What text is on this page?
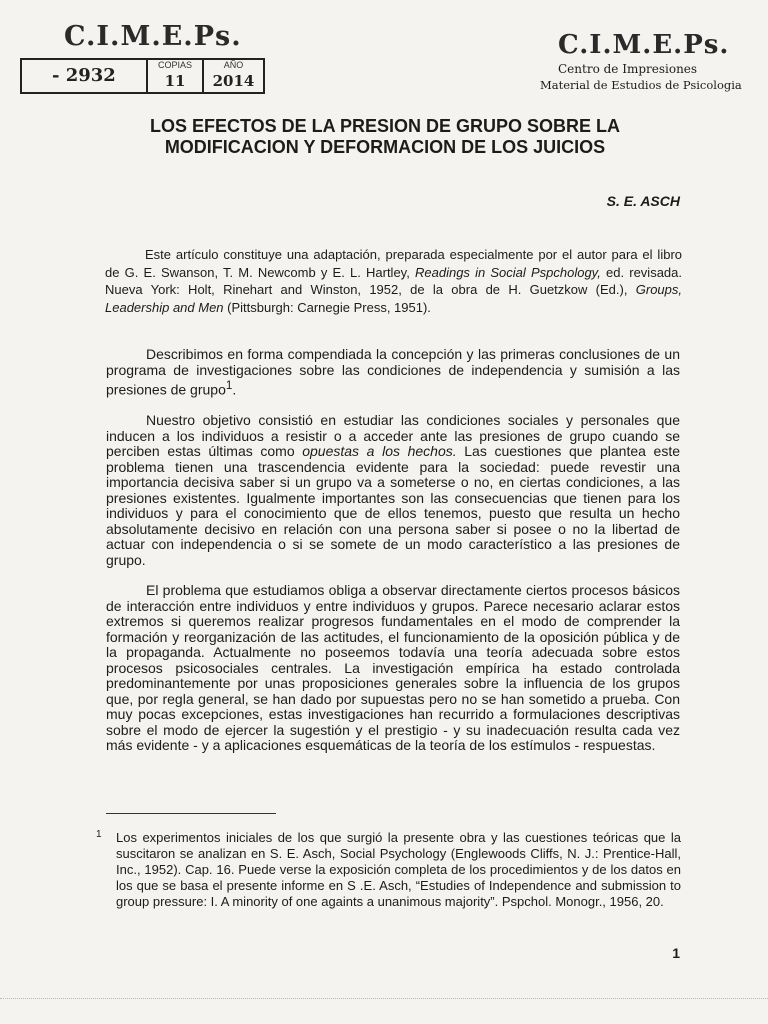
C.I.M.E.Ps.
- 2932	COPIAS
11
AÑO
2014
C.I.M.E.Ps.
Centro de Impresiones
Material de Estudios de Psicologia
LOS EFECTOS DE LA PRESION DE GRUPO SOBRE LA
MODIFICACION Y DEFORMACION DE LOS JUICIOS
S. E. ASCH

Este artículo constituye una adaptación, preparada especialmente por el autor para el libro de G. E. Swanson, T. M. Newcomb y E. L. Hartley, Readings in Social Pspchology, ed. revisada. Nueva York: Holt, Rinehart and Winston, 1952, de la obra de H. Guetzkow (Ed.), Groups, Leadership and Men (Pittsburgh: Carnegie Press, 1951).

Describimos en forma compendiada la concepción y las primeras conclusiones de un programa de investigaciones sobre las condiciones de independencia y sumisión a las presiones de grupo$^1$.

Nuestro objetivo consistió en estudiar las condiciones sociales y personales que inducen a los individuos a resistir o a acceder ante las presiones de grupo cuando se perciben estas últimas como opuestas a los hechos. Las cuestiones que plantea este problema tienen una trascendencia evidente para la sociedad: puede revestir una importancia decisiva saber si un grupo va a someterse o no, en ciertas condiciones, a las presiones existentes. Igualmente importantes son las consecuencias que tienen para los individuos y para el conocimiento que de ellos tenemos, puesto que resulta un hecho absolutamente decisivo en relación con una persona saber si posee o no la libertad de actuar con independencia o si se somete de un modo característico a las presiones de grupo.

El problema que estudiamos obliga a observar directamente ciertos procesos básicos de interacción entre individuos y entre individuos y grupos. Parece necesario aclarar estos extremos si queremos realizar progresos fundamentales en el modo de comprender la formación y reorganización de las actitudes, el funcionamiento de la oposición pública y de la propaganda. Actualmente no poseemos todavía una teoría adecuada sobre estos procesos psicosociales centrales. La investigación empírica ha estado controlada predominantemente por unas proposiciones generales sobre la influencia de los grupos que, por regla general, se han dado por supuestas pero no se han sometido a prueba. Con muy pocas excepciones, estas investigaciones han recurrido a formulaciones descriptivas sobre el modo de ejercer la sugestión y el prestigio - y su inadecuación resulta cada vez más evidente - y a aplicaciones esquemáticas de la teoría de los estímulos - respuestas.

1 Los experimentos iniciales de los que surgió la presente obra y las cuestiones teóricas que la suscitaron se analizan en S. E. Asch, Social Psychology (Englewoods Cliffs, N. J.: Prentice-Hall, Inc., 1952). Cap. 16. Puede verse la exposición completa de los procedimientos y de los datos en los que se basa el presente informe en S .E. Asch, “Estudies of Independence and submission to group pressure: I. A minority of one againts a unanimous majority”. Pspchol. Monogr., 1956, 20.
1
